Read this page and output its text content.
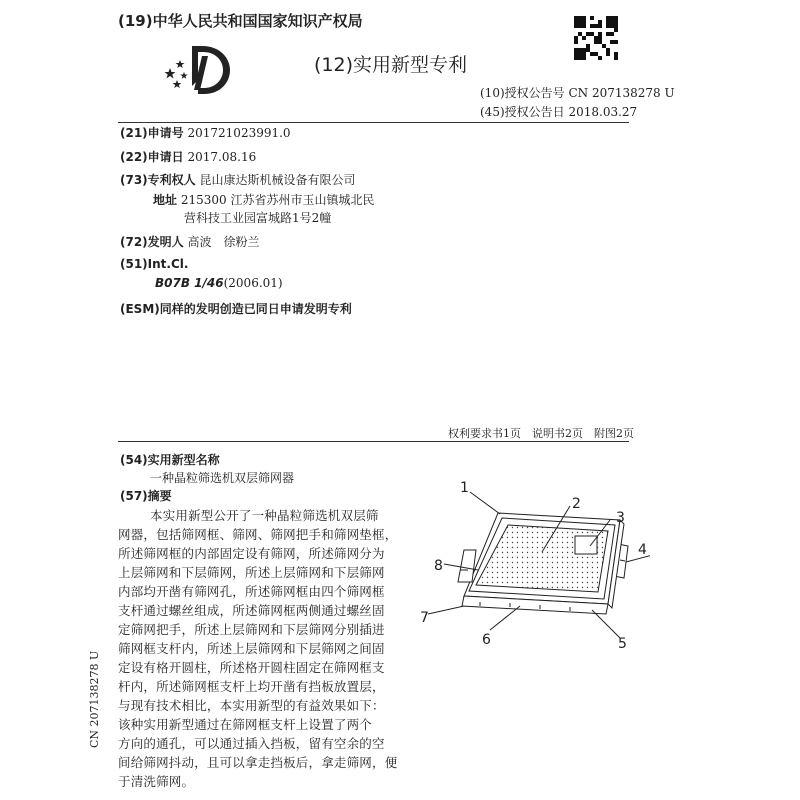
(19)中华人民共和国国家知识产权局
(12)实用新型专利
(10)授权公告号 CN 207138278 U
(45)授权公告日 2018.03.27
(21)申请号 201721023991.0
(22)申请日 2017.08.16
(73)专利权人 昆山康达斯机械设备有限公司
地址 215300 江苏省苏州市玉山镇城北民
营科技工业园富城路1号2幢
(72)发明人 高波　徐粉兰
(51)Int.Cl.
B07B 1/46(2006.01)
(ESM)同样的发明创造已同日申请发明专利
权利要求书1页　说明书2页　附图2页
(54)实用新型名称
一种晶粒筛选机双层筛网器
(57)摘要
本实用新型公开了一种晶粒筛选机双层筛
网器，包括筛网框、筛网、筛网把手和筛网垫框，
所述筛网框的内部固定设有筛网，所述筛网分为
上层筛网和下层筛网，所述上层筛网和下层筛网
内部均开凿有筛网孔，所述筛网框由四个筛网框
支杆通过螺丝组成，所述筛网框两侧通过螺丝固
定筛网把手，所述上层筛网和下层筛网分别插进
筛网框支杆内，所述上层筛网和下层筛网之间固
定设有格开圆柱，所述格开圆柱固定在筛网框支
杆内，所述筛网框支杆上均开凿有挡板放置层，
与现有技术相比，本实用新型的有益效果如下：
该种实用新型通过在筛网框支杆上设置了两个
方向的通孔，可以通过插入挡板，留有空余的空
间给筛网抖动，且可以拿走挡板后，拿走筛网，便
于清洗筛网。
CN 207138278 U
1
2
3
4
5
6
7
8
